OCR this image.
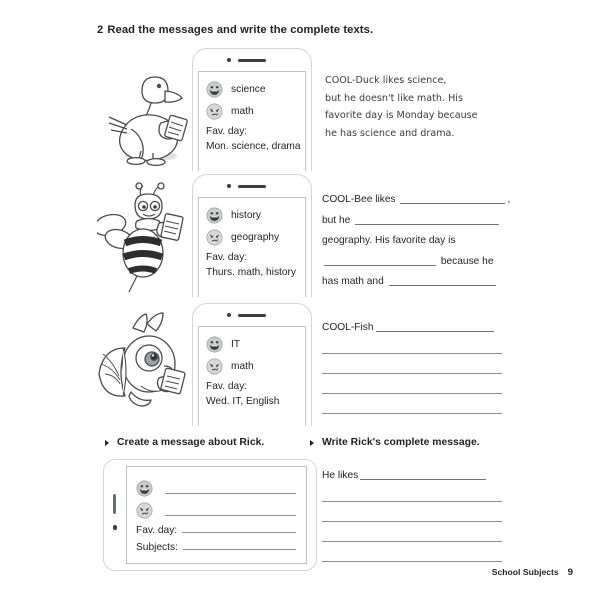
2 Read the messages and write the complete texts.
science
math
Fav. day:
Mon. science, drama
COOL-Duck likes science,
but he doesn't like math. His
favorite day is Monday because
he has science and drama.
history
geography
Fav. day:
Thurs. math, history
COOL-Bee likes	,
but he
geography. His favorite day is
because he
has math and
IT
math
Fav. day:
Wed. IT, English
COOL-Fish
Create a message about Rick.	Write Rick's complete message.
Fav. day:
Subjects:
He likes
School Subjects 9
